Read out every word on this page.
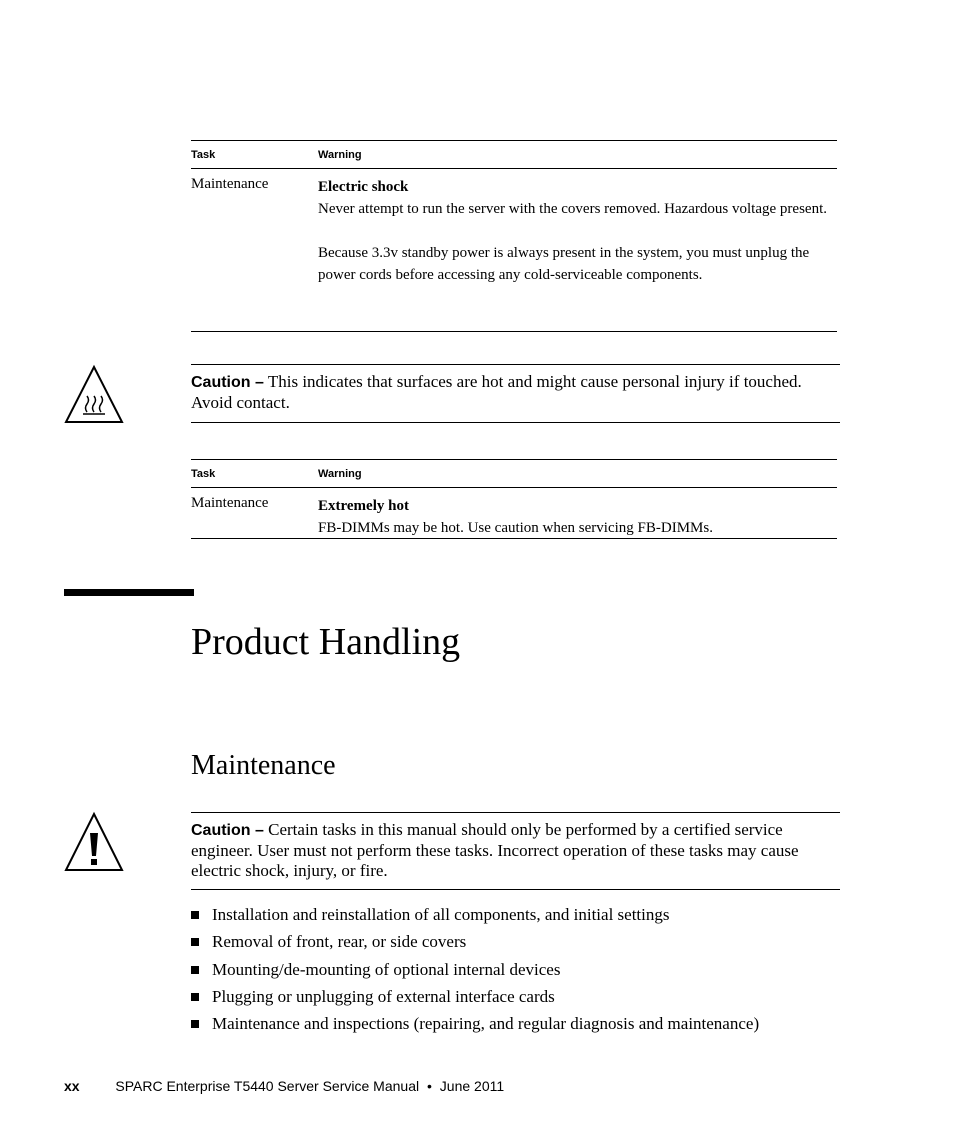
Task	Warning
Maintenance	Electric shock

Never attempt to run the server with the covers removed. Hazardous voltage present.

Because 3.3v standby power is always present in the system, you must unplug the power cords before accessing any cold-serviceable components.

Caution – This indicates that surfaces are hot and might cause personal injury if touched. Avoid contact.
Task	Warning
Maintenance	Extremely hot

FB-DIMMs may be hot. Use caution when servicing FB-DIMMs.

Product Handling
Maintenance
Caution – Certain tasks in this manual should only be performed by a certified service engineer. User must not perform these tasks. Incorrect operation of these tasks may cause electric shock, injury, or fire.
Installation and reinstallation of all components, and initial settings
Removal of front, rear, or side covers
Mounting/de-mounting of optional internal devices
Plugging or unplugging of external interface cards
Maintenance and inspections (repairing, and regular diagnosis and maintenance)
xx	SPARC Enterprise T5440 Server Service Manual • June 2011
